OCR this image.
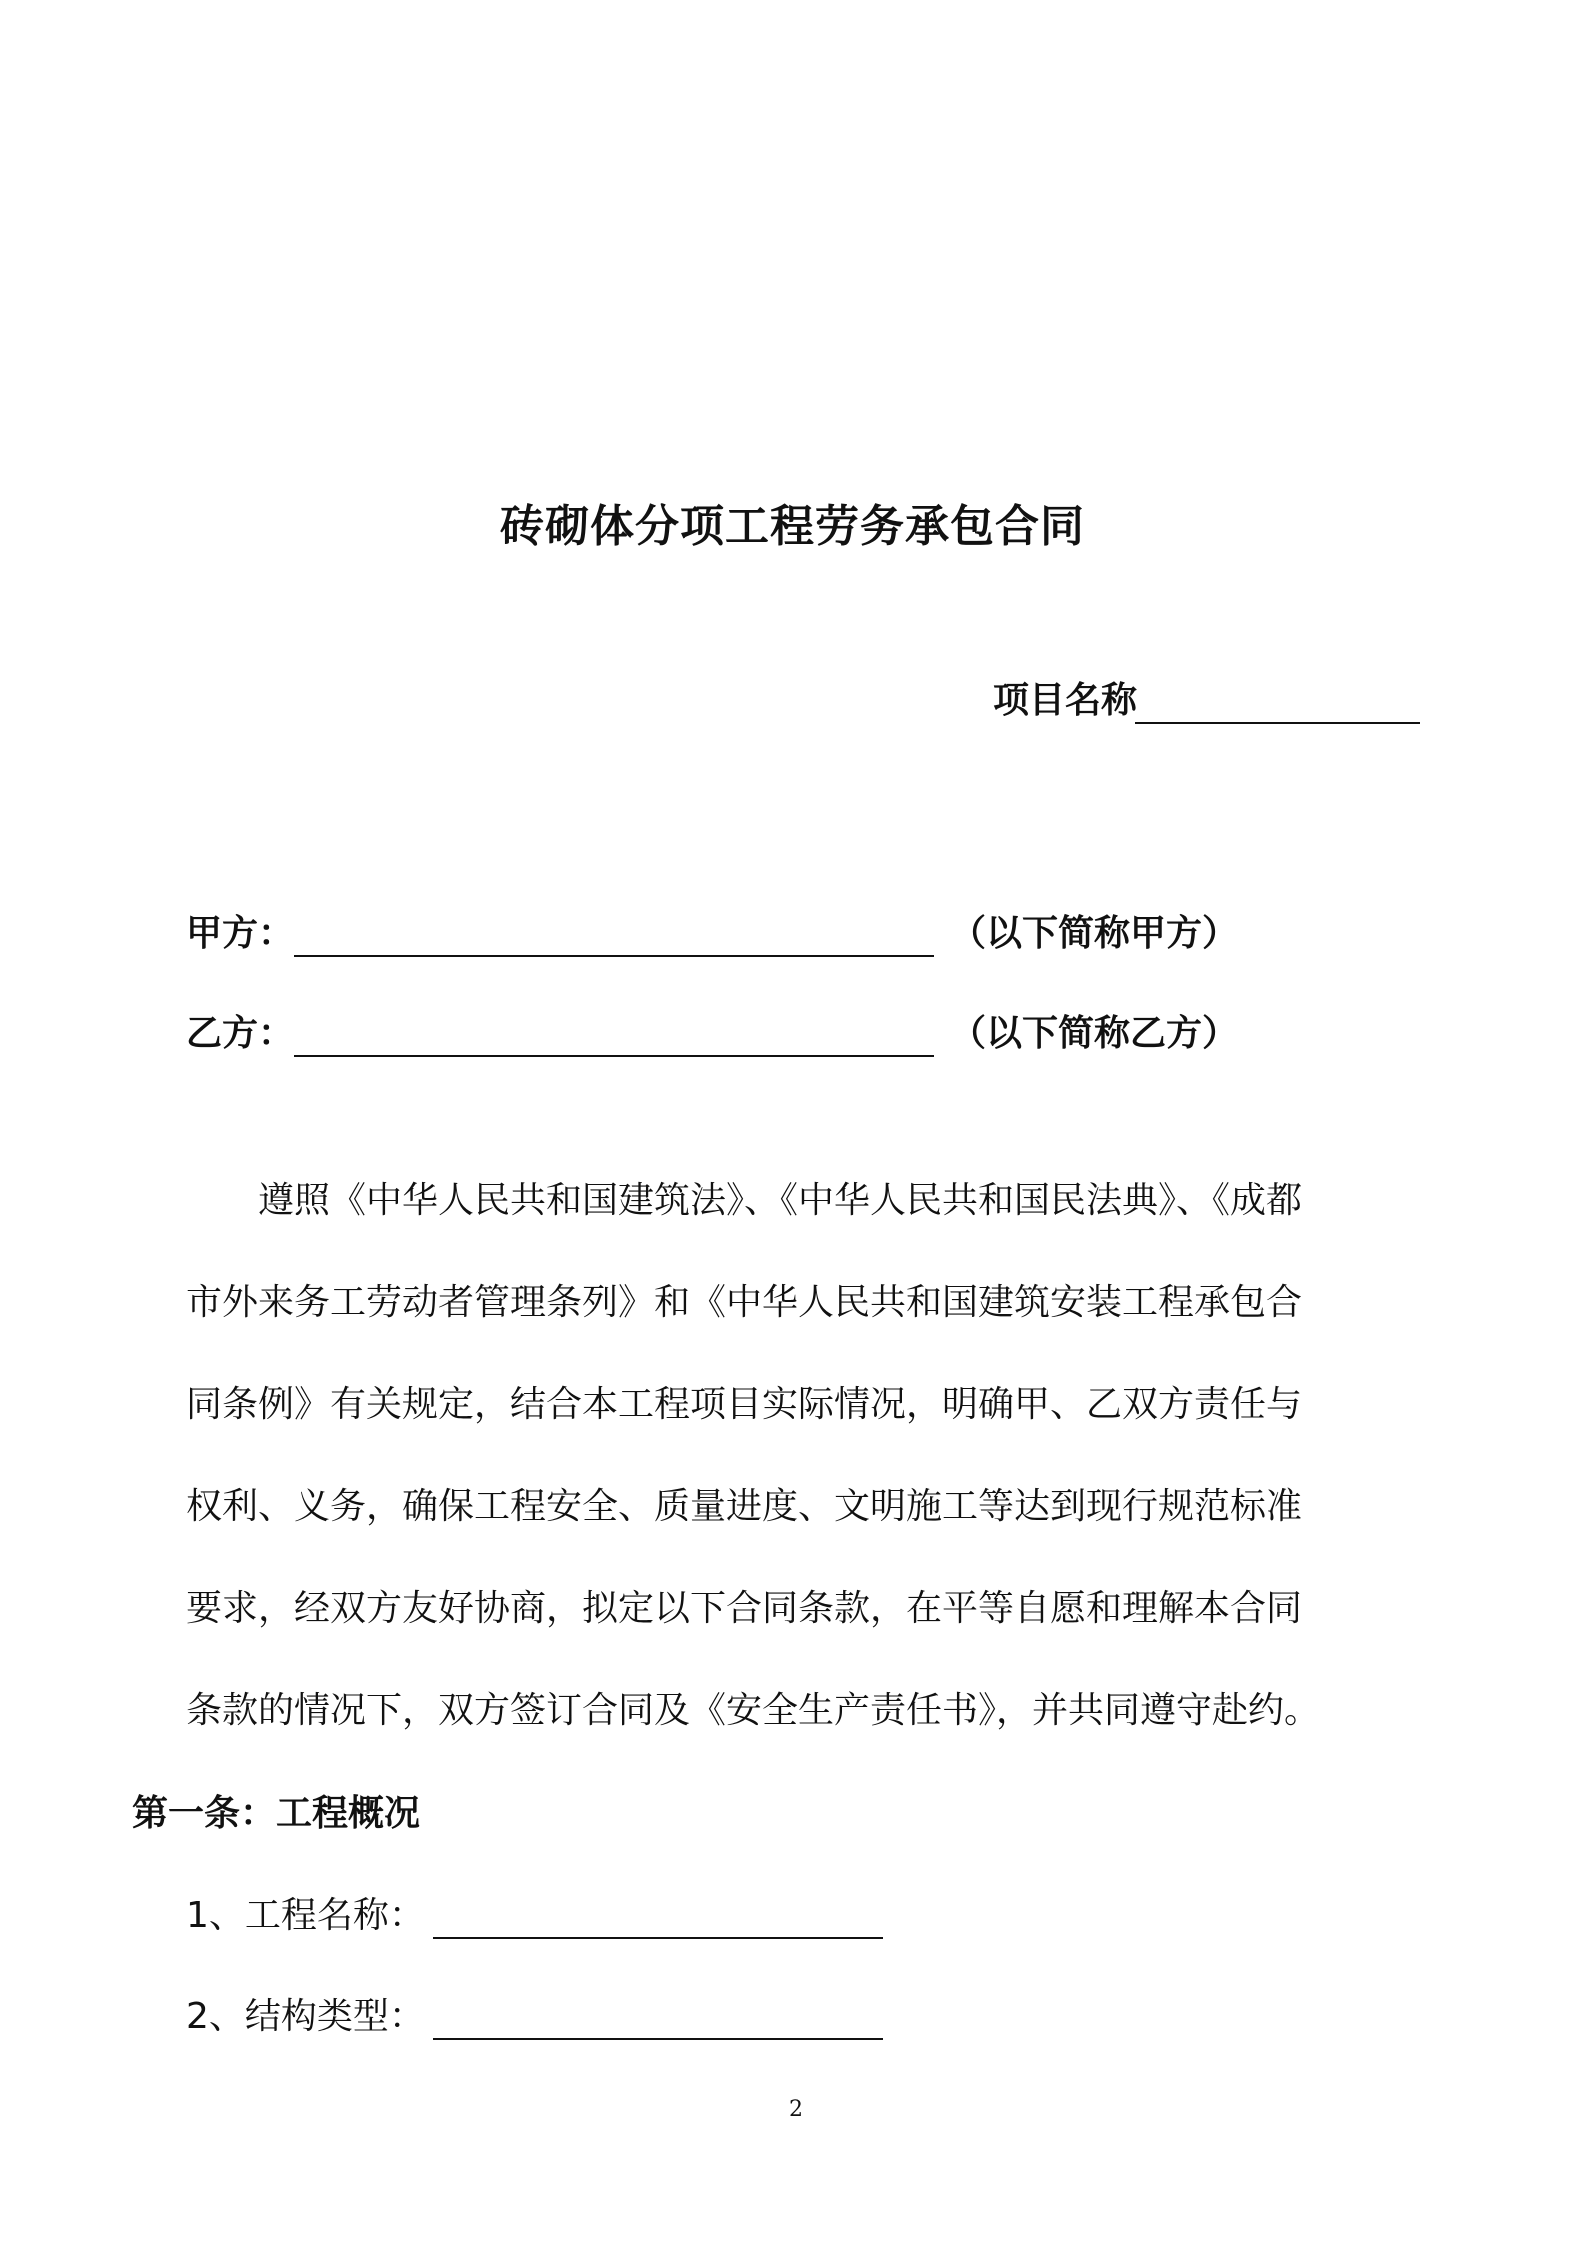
砖砌体分项工程劳务承包合同
项目名称
甲方：	（以下简称甲方）
乙方：	（以下简称乙方）
遵照《中华人民共和国建筑法》、《中华人民共和国民法典》、《成都
市外来务工劳动者管理条列》和《中华人民共和国建筑安装工程承包合
同条例》有关规定，结合本工程项目实际情况，明确甲、乙双方责任与
权利、义务，确保工程安全、质量进度、文明施工等达到现行规范标准
要求，经双方友好协商，拟定以下合同条款，在平等自愿和理解本合同
条款的情况下，双方签订合同及《安全生产责任书》，并共同遵守赴约。
第一条：工程概况
1、工程名称：
2、结构类型：
2
